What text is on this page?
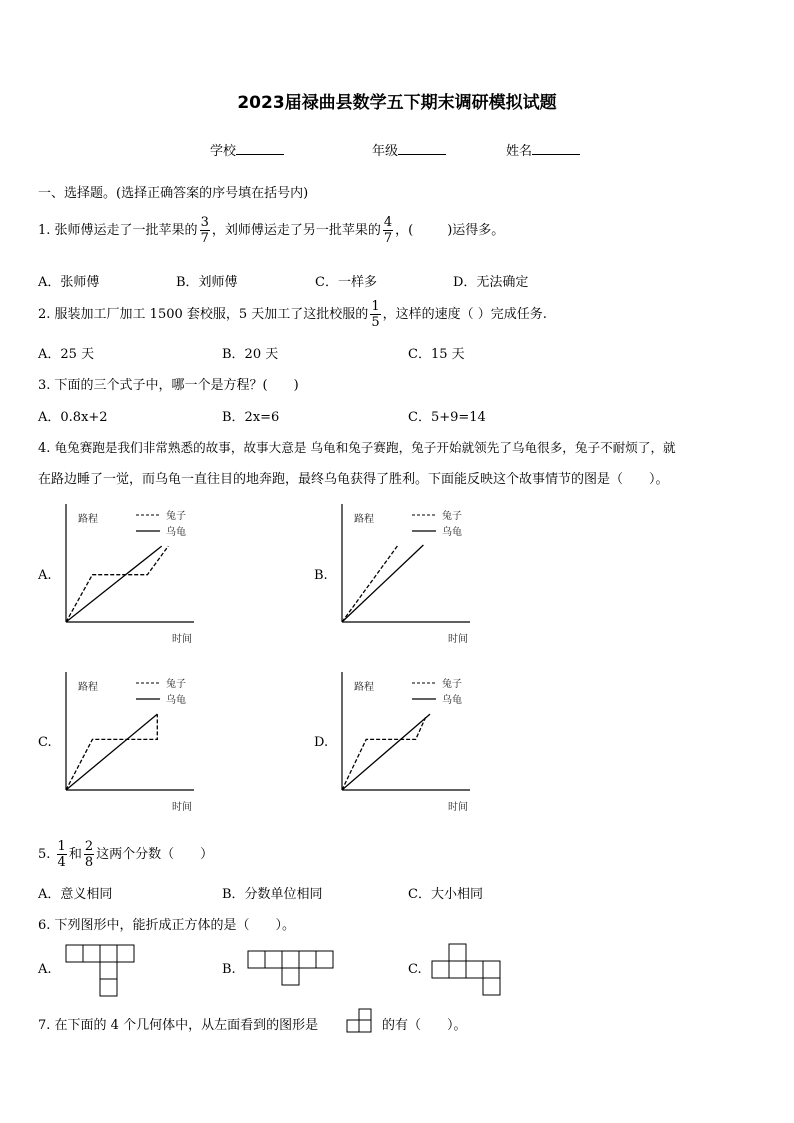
2023届禄曲县数学五下期末调研模拟试题
学校	年级	姓名
一、选择题。(选择正确答案的序号填在括号内)
1. 张师傅运走了一批苹果的 $\frac{3}{7}$ ，刘师傅运走了另一批苹果的 $\frac{4}{7}$ ，(	)运得多。
A．张师傅	B．刘师傅	C．一样多	D．无法确定
2. 服装加工厂加工 1500 套校服，5 天加工了这批校服的 $\frac{1}{5}$ ，这样的速度（ ）完成任务.
A．25 天	B．20 天	C．15 天
3. 下面的三个式子中，哪一个是方程？(　　)
A．0.8x+2	B．2x=6	C．5+9=14
4. 龟兔赛跑是我们非常熟悉的故事，故事大意是 乌龟和兔子赛跑，兔子开始就领先了乌龟很多，兔子不耐烦了，就
在路边睡了一觉，而乌龟一直往目的地奔跑，最终乌龟获得了胜利。下面能反映这个故事情节的图是（　　）。
A.
路程
时间
兔子
乌龟
B.
路程
时间
兔子
乌龟
C.
路程
时间
兔子
乌龟
D.
路程
时间
兔子
乌龟
5. $\frac{1}{4}$ 和 $\frac{2}{8}$ 这两个分数（　　）
A．意义相同	B．分数单位相同	C．大小相同
6. 下列图形中，能折成正方体的是（　　）。
A.	B.	C.
7. 在下面的 4 个几何体中，从左面看到的图形是	的有（　　）。
